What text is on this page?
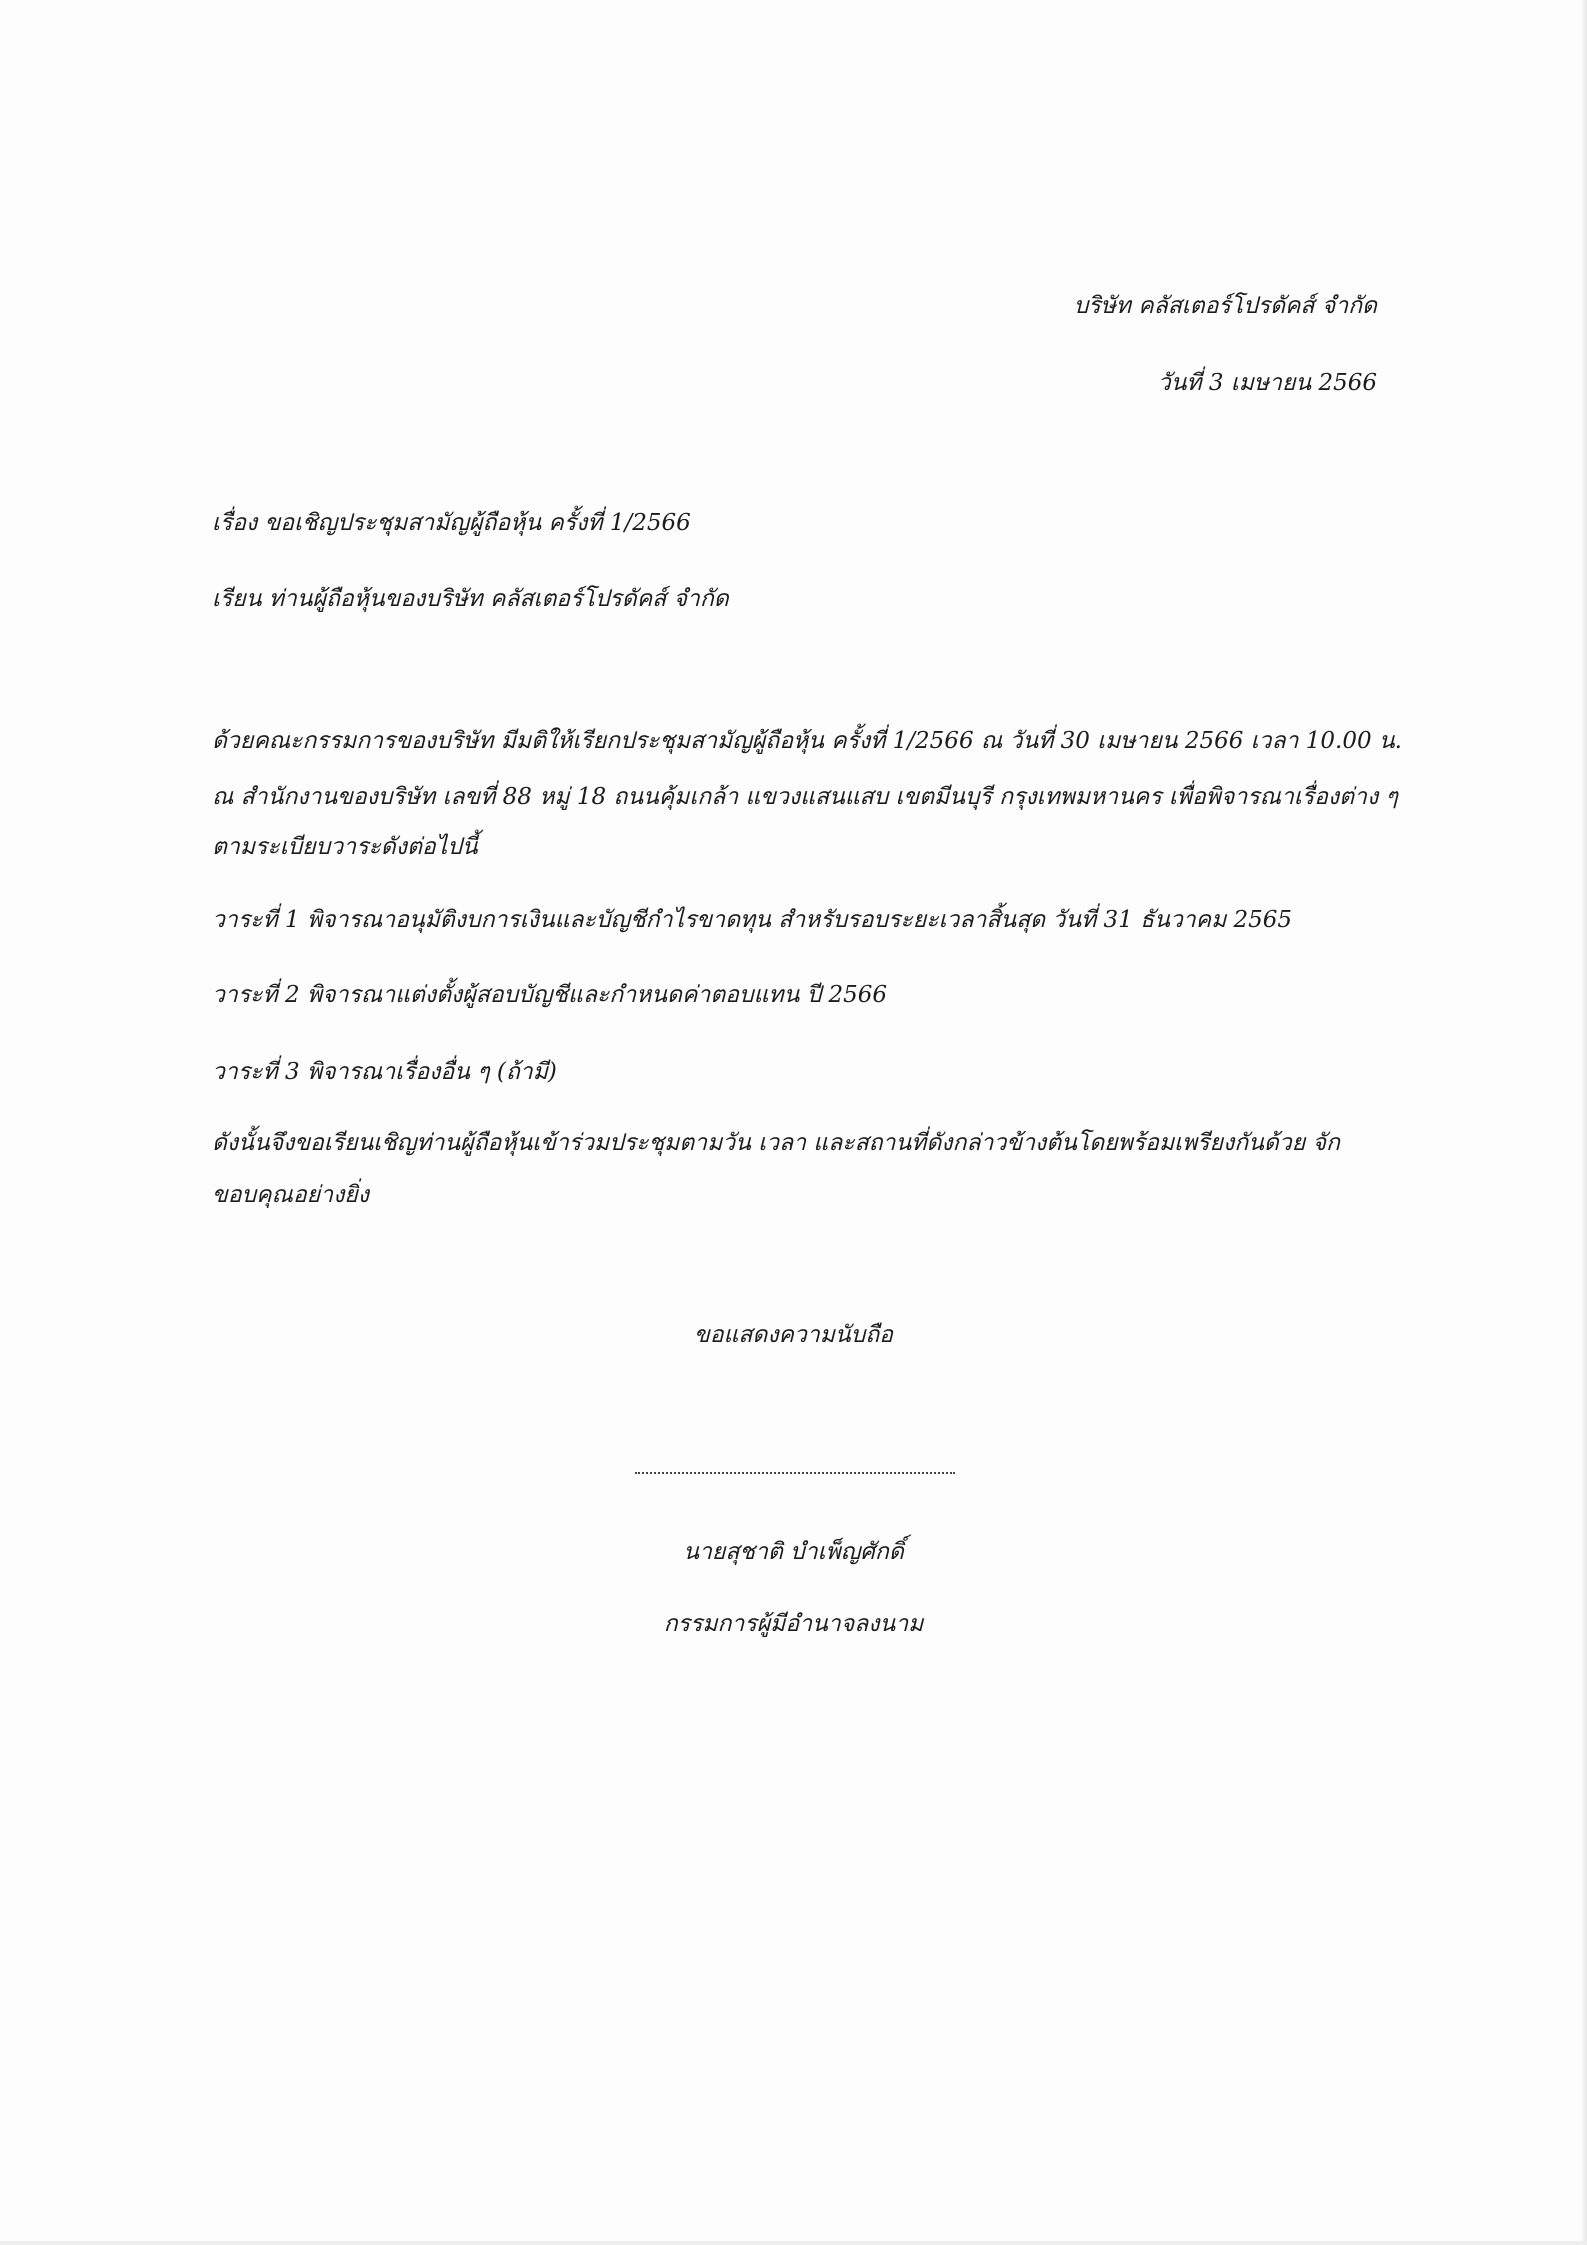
บริษัท คลัสเตอร์โปรดัคส์ จำกัด
วันที่ 3 เมษายน 2566
เรื่อง ขอเชิญประชุมสามัญผู้ถือหุ้น ครั้งที่ 1/2566
เรียน ท่านผู้ถือหุ้นของบริษัท คลัสเตอร์โปรดัคส์ จำกัด
ด้วยคณะกรรมการของบริษัท มีมติให้เรียกประชุมสามัญผู้ถือหุ้น ครั้งที่ 1/2566 ณ วันที่ 30 เมษายน 2566 เวลา 10.00 น.
ณ สำนักงานของบริษัท เลขที่ 88 หมู่ 18 ถนนคุ้มเกล้า แขวงแสนแสบ เขตมีนบุรี กรุงเทพมหานคร เพื่อพิจารณาเรื่องต่าง ๆ
ตามระเบียบวาระดังต่อไปนี้
วาระที่ 1 พิจารณาอนุมัติงบการเงินและบัญชีกำไรขาดทุน สำหรับรอบระยะเวลาสิ้นสุด วันที่ 31 ธันวาคม 2565
วาระที่ 2 พิจารณาแต่งตั้งผู้สอบบัญชีและกำหนดค่าตอบแทน ปี 2566
วาระที่ 3 พิจารณาเรื่องอื่น ๆ (ถ้ามี)
ดังนั้นจึงขอเรียนเชิญท่านผู้ถือหุ้นเข้าร่วมประชุมตามวัน เวลา และสถานที่ดังกล่าวข้างต้นโดยพร้อมเพรียงกันด้วย จัก
ขอบคุณอย่างยิ่ง
ขอแสดงความนับถือ
นายสุชาติ บำเพ็ญศักดิ์
กรรมการผู้มีอำนาจลงนาม
